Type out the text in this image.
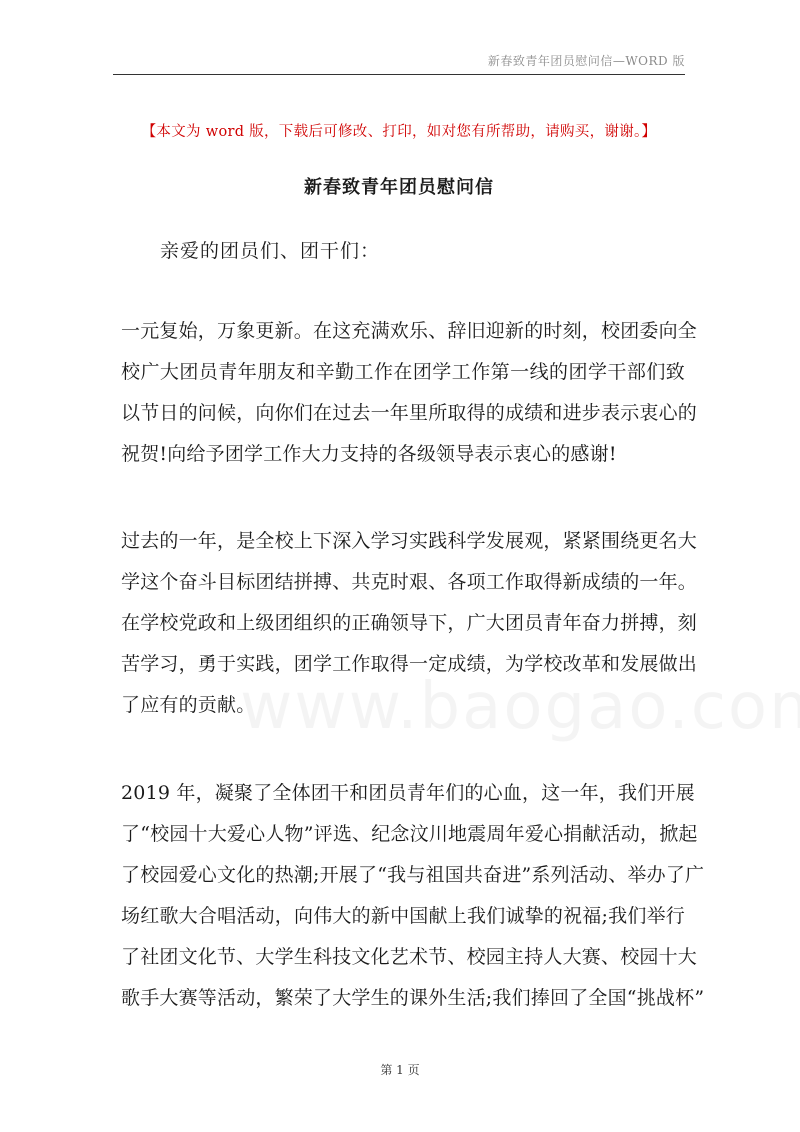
新春致青年团员慰问信—WORD 版
【本文为 word 版，下载后可修改、打印，如对您有所帮助，请购买，谢谢。】
新春致青年团员慰问信

亲爱的团员们、团干们：

一元复始，万象更新。在这充满欢乐、辞旧迎新的时刻，校团委向全
校广大团员青年朋友和辛勤工作在团学工作第一线的团学干部们致
以节日的问候，向你们在过去一年里所取得的成绩和进步表示衷心的
祝贺!向给予团学工作大力支持的各级领导表示衷心的感谢!

过去的一年，是全校上下深入学习实践科学发展观，紧紧围绕更名大
学这个奋斗目标团结拼搏、共克时艰、各项工作取得新成绩的一年。
在学校党政和上级团组织的正确领导下，广大团员青年奋力拼搏，刻
苦学习，勇于实践，团学工作取得一定成绩，为学校改革和发展做出
了应有的贡献。

2019 年，凝聚了全体团干和团员青年们的心血，这一年，我们开展
了“校园十大爱心人物”评选、纪念汶川地震周年爱心捐献活动，掀起
了校园爱心文化的热潮;开展了“我与祖国共奋进”系列活动、举办了广
场红歌大合唱活动，向伟大的新中国献上我们诚挚的祝福;我们举行
了社团文化节、大学生科技文化艺术节、校园主持人大赛、校园十大
歌手大赛等活动，繁荣了大学生的课外生活;我们捧回了全国“挑战杯”

第 1 页
